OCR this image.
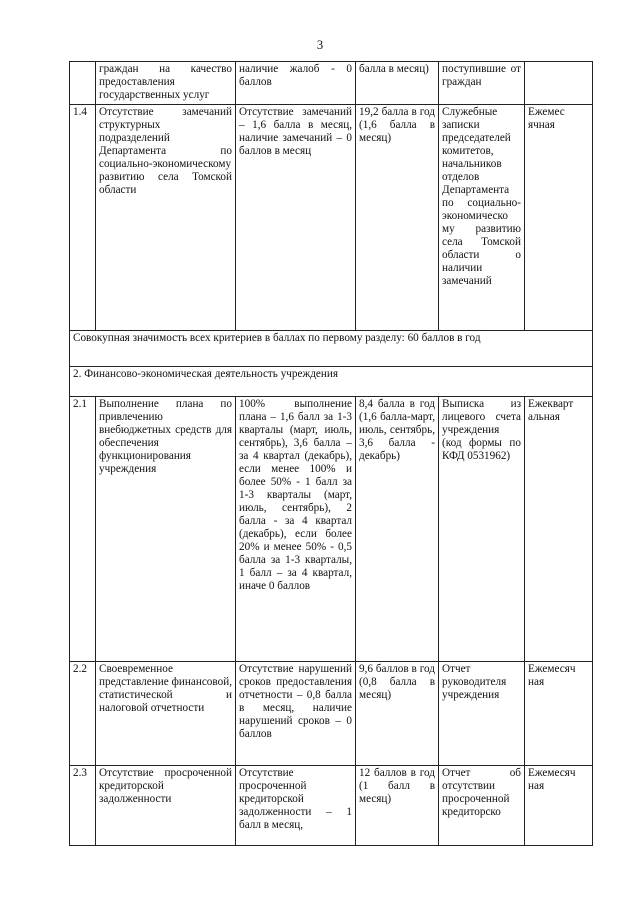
3
	граждан на качество предоставления государственных услуг	наличие жалоб - 0 баллов	балла в месяц)	поступившие от граждан	
1.4	Отсутствие замечаний структурных подразделений Департамента по социально-экономическому развитию села Томской области	Отсутствие замечаний – 1,6 балла в месяц, наличие замечаний – 0 баллов в месяц	19,2 балла в год (1,6 балла в месяц)	Служебные записки председателей комитетов, начальников отделов Департамента по социально-экономическо му развитию села Томской области о наличии замечаний	Ежемес ячная
Совокупная значимость всех критериев в баллах по первому разделу: 60 баллов в год					
2. Финансово-экономическая деятельность учреждения					
2.1	Выполнение плана по привлечению внебюджетных средств для обеспечения функционирования учреждения	100% выполнение плана – 1,6 балл за 1-3 кварталы (март, июль, сентябрь), 3,6 балла – за 4 квартал (декабрь), если менее 100% и более 50% - 1 балл за 1-3 кварталы (март, июль, сентябрь), 2 балла - за 4 квартал (декабрь), если более 20% и менее 50% - 0,5 балла за 1-3 кварталы, 1 балл – за 4 квартал, иначе 0 баллов	8,4 балла в год (1,6 балла-март, июль, сентябрь, 3,6 балла - декабрь)	Выписка из лицевого счета учреждения (код формы по КФД 0531962)	Ежекварт альная
2.2	Своевременное представление финансовой, статистической и налоговой отчетности	Отсутствие нарушений сроков предоставления отчетности – 0,8 балла в месяц, наличие нарушений сроков – 0 баллов	9,6 баллов в год (0,8 балла в месяц)	Отчет руководителя учреждения	Ежемесяч ная
2.3	Отсутствие просроченной кредиторской задолженности	Отсутствие просроченной кредиторской задолженности – 1 балл в месяц,	12 баллов в год (1 балл в месяц)	Отчет об отсутствии просроченной кредиторско	Ежемесяч ная
